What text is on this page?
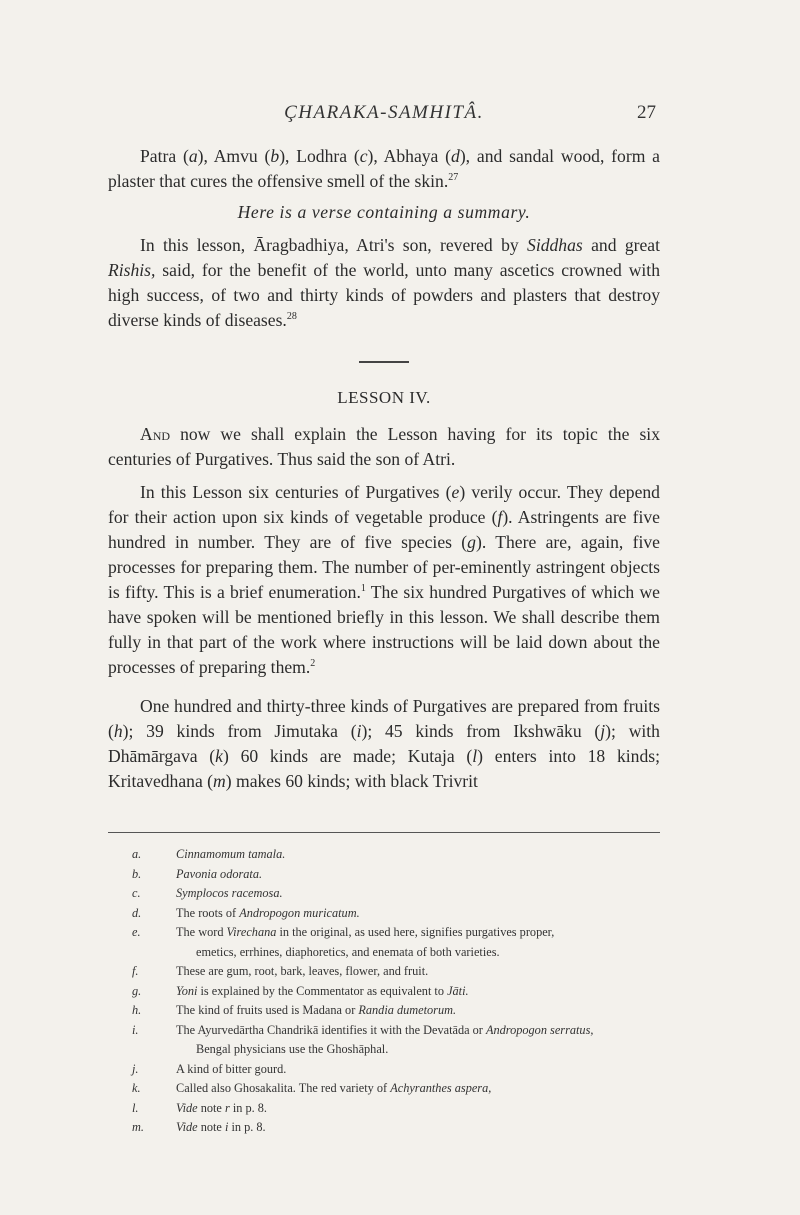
ÇHARAKA-SAMHITÂ.	27

Patra (a), Amvu (b), Lodhra (c), Abhaya (d), and sandal wood, form a plaster that cures the offensive smell of the skin.$^{27}$

Here is a verse containing a summary.

In this lesson, Āragbadhiya, Atri's son, revered by Siddhas and great Rishis, said, for the benefit of the world, unto many ascetics crowned with high success, of two and thirty kinds of powders and plasters that destroy diverse kinds of diseases.$^{28}$

LESSON IV.

And now we shall explain the Lesson having for its topic the six centuries of Purgatives. Thus said the son of Atri.

In this Lesson six centuries of Purgatives (e) verily occur. They depend for their action upon six kinds of vegetable produce (f). Astringents are five hundred in number. They are of five species (g). There are, again, five processes for preparing them. The number of per-eminently astringent objects is fifty. This is a brief enumeration.$^1$ The six hundred Purgatives of which we have spoken will be mentioned briefly in this lesson. We shall describe them fully in that part of the work where instructions will be laid down about the processes of preparing them.$^2$

One hundred and thirty-three kinds of Purgatives are prepared from fruits (h); 39 kinds from Jimutaka (i); 45 kinds from Ikshwāku (j); with Dhāmārgava (k) 60 kinds are made; Kutaja (l) enters into 18 kinds; Kritavedhana (m) makes 60 kinds; with black Trivrit

a.	Cinnamomum tamala.
b.	Pavonia odorata.
c.	Symplocos racemosa.
d.	The roots of Andropogon muricatum.
e.	The word Virechana in the original, as used here, signifies purgatives proper,
emetics, errhines, diaphoretics, and enemata of both varieties.
f.	These are gum, root, bark, leaves, flower, and fruit.
g.	Yoni is explained by the Commentator as equivalent to Jāti.
h.	The kind of fruits used is Madana or Randia dumetorum.
i.	The Ayurvedārtha Chandrikā identifies it with the Devatāda or Andropogon serratus,
Bengal physicians use the Ghoshāphal.
j.	A kind of bitter gourd.
k.	Called also Ghosakalita. The red variety of Achyranthes aspera,
l.	Vide note r in p. 8.
m.	Vide note i in p. 8.
